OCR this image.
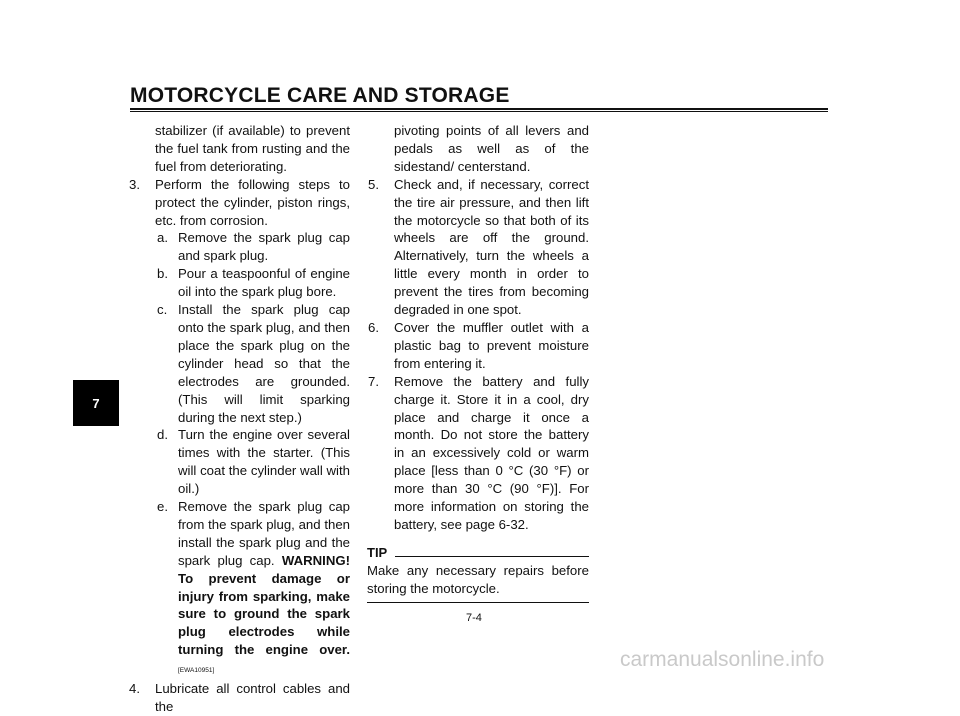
MOTORCYCLE CARE AND STORAGE
7

stabilizer (if available) to prevent the fuel tank from rusting and the fuel from deteriorating.

3. Perform the following steps to protect the cylinder, piston rings, etc. from corrosion.

a. Remove the spark plug cap and spark plug.

b. Pour a teaspoonful of engine oil into the spark plug bore.

c. Install the spark plug cap onto the spark plug, and then place the spark plug on the cylinder head so that the electrodes are grounded. (This will limit sparking during the next step.)

d. Turn the engine over several times with the starter. (This will coat the cylinder wall with oil.)

e. Remove the spark plug cap from the spark plug, and then install the spark plug and the spark plug cap. WARNING! To prevent damage or injury from sparking, make sure to ground the spark plug electrodes while turning the engine over.[EWA10951]

4. Lubricate all control cables and the

pivoting points of all levers and pedals as well as of the sidestand/ centerstand.

5. Check and, if necessary, correct the tire air pressure, and then lift the motorcycle so that both of its wheels are off the ground. Alternatively, turn the wheels a little every month in order to prevent the tires from becoming degraded in one spot.

6. Cover the muffler outlet with a plastic bag to prevent moisture from entering it.

7. Remove the battery and fully charge it. Store it in a cool, dry place and charge it once a month. Do not store the battery in an excessively cold or warm place [less than 0 °C (30 °F) or more than 30 °C (90 °F)]. For more information on storing the battery, see page 6-32.

TIP

Make any necessary repairs before storing the motorcycle.

7-4
carmanualsonline.info
